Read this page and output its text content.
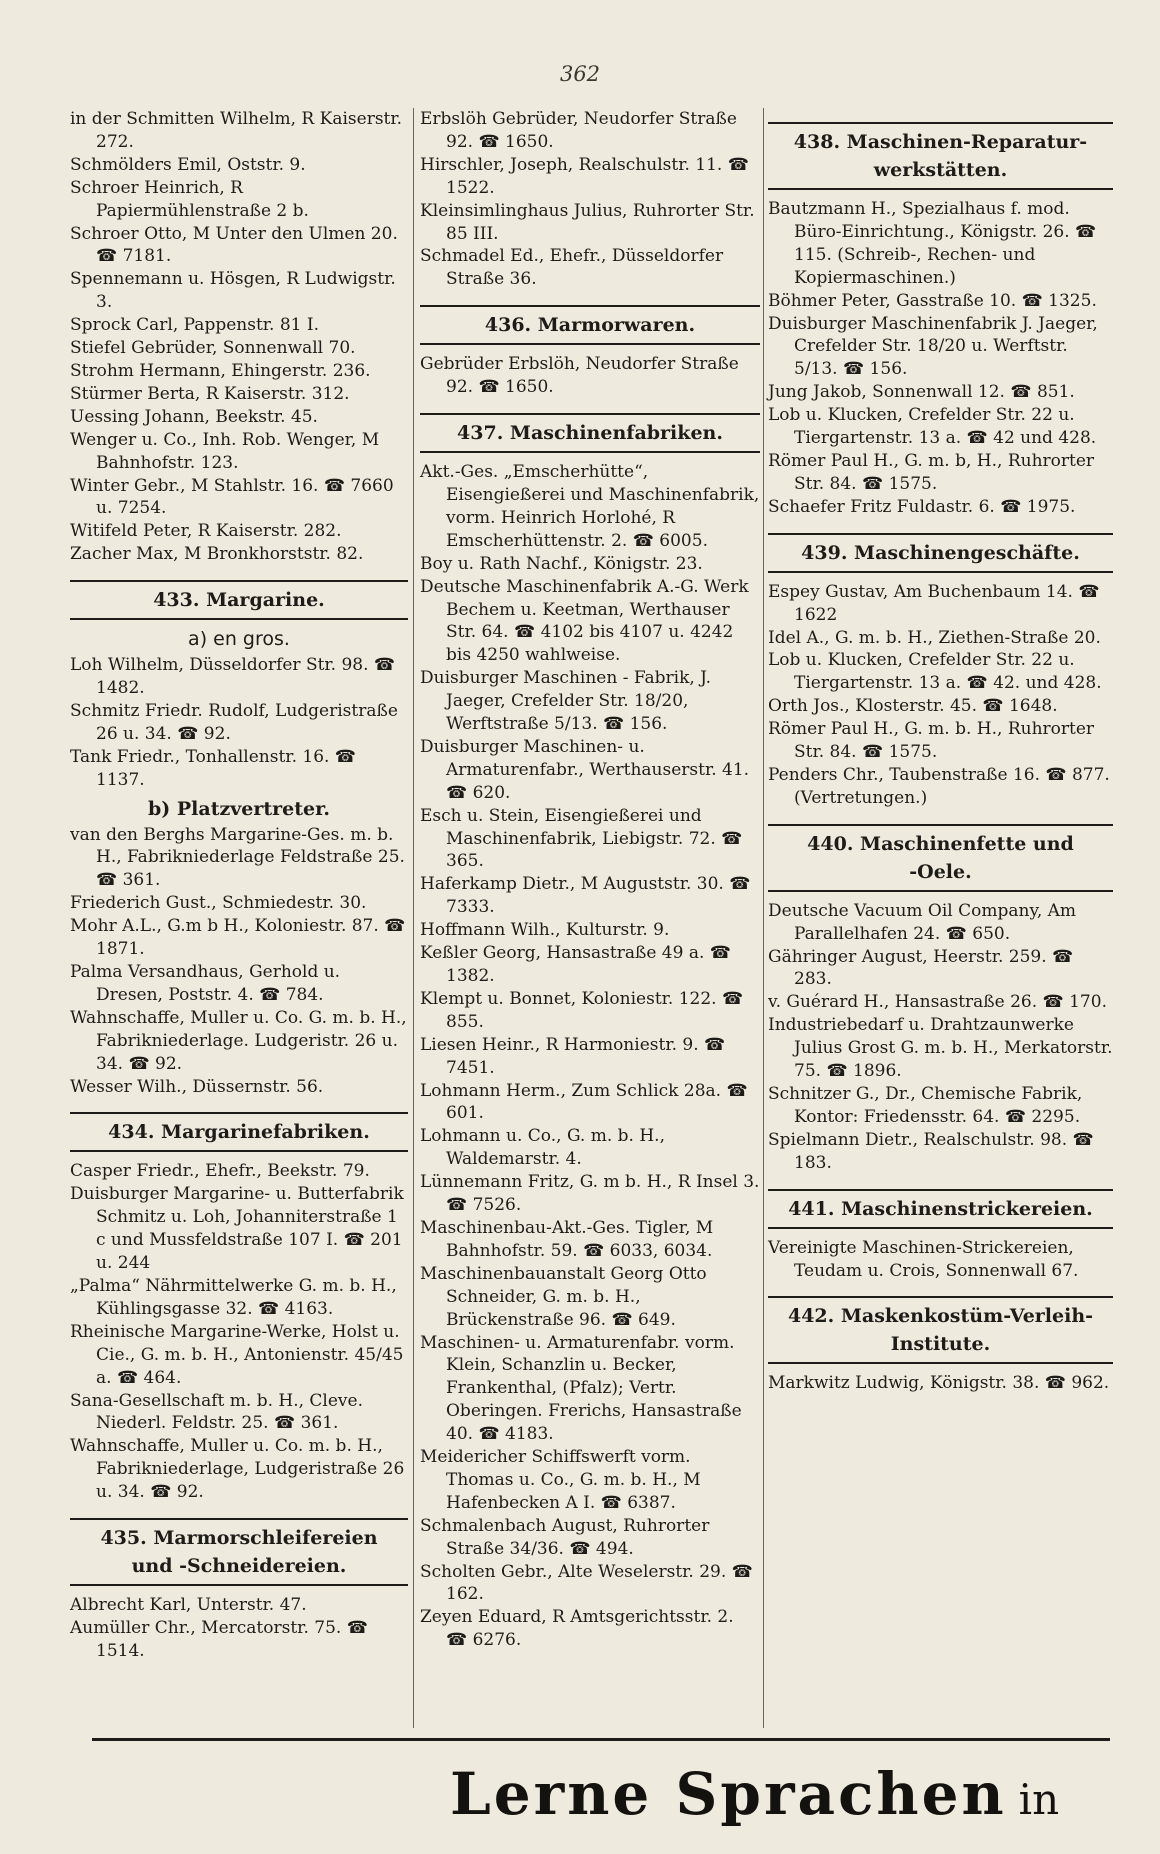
362
in der Schmitten Wilhelm, R Kaiserstr. 272.
Schmölders Emil, Oststr. 9.
Schroer Heinrich, R Papiermühlenstraße 2 b.
Schroer Otto, M Unter den Ulmen 20. ☎ 7181.
Spennemann u. Hösgen, R Ludwigstr. 3.
Sprock Carl, Pappenstr. 81 I.
Stiefel Gebrüder, Sonnenwall 70.
Strohm Hermann, Ehingerstr. 236.
Stürmer Berta, R Kaiserstr. 312.
Uessing Johann, Beekstr. 45.
Wenger u. Co., Inh. Rob. Wenger, M Bahnhofstr. 123.
Winter Gebr., M Stahlstr. 16. ☎ 7660 u. 7254.
Witifeld Peter, R Kaiserstr. 282.
Zacher Max, M Bronkhorststr. 82.
433. Margarine.
a) en gros.
Loh Wilhelm, Düsseldorfer Str. 98. ☎ 1482.
Schmitz Friedr. Rudolf, Ludgeristraße 26 u. 34. ☎ 92.
Tank Friedr., Tonhallenstr. 16. ☎ 1137.
b) Platzvertreter.
van den Berghs Margarine-Ges. m. b. H., Fabrikniederlage Feldstraße 25. ☎ 361.
Friederich Gust., Schmiedestr. 30.
Mohr A.L., G.m b H., Koloniestr. 87. ☎ 1871.
Palma Versandhaus, Gerhold u. Dresen, Poststr. 4. ☎ 784.
Wahnschaffe, Muller u. Co. G. m. b. H., Fabrikniederlage. Ludgeristr. 26 u. 34. ☎ 92.
Wesser Wilh., Düssernstr. 56.
434. Margarinefabriken.
Casper Friedr., Ehefr., Beekstr. 79.
Duisburger Margarine- u. Butterfabrik Schmitz u. Loh, Johanniterstraße 1 c und Mussfeldstraße 107 I. ☎ 201 u. 244
„Palma“ Nährmittelwerke G. m. b. H., Kühlingsgasse 32. ☎ 4163.
Rheinische Margarine-Werke, Holst u. Cie., G. m. b. H., Antonienstr. 45/45 a. ☎ 464.
Sana-Gesellschaft m. b. H., Cleve. Niederl. Feldstr. 25. ☎ 361.
Wahnschaffe, Muller u. Co. m. b. H., Fabrikniederlage, Ludgeristraße 26 u. 34. ☎ 92.
435. Marmorschleifereien
und -Schneidereien.
Albrecht Karl, Unterstr. 47.
Aumüller Chr., Mercatorstr. 75. ☎ 1514.
Erbslöh Gebrüder, Neudorfer Straße 92. ☎ 1650.
Hirschler, Joseph, Realschulstr. 11. ☎ 1522.
Kleinsimlinghaus Julius, Ruhrorter Str. 85 III.
Schmadel Ed., Ehefr., Düsseldorfer Straße 36.
436. Marmorwaren.
Gebrüder Erbslöh, Neudorfer Straße 92. ☎ 1650.
437. Maschinenfabriken.
Akt.-Ges. „Emscherhütte“, Eisengießerei und Maschinenfabrik, vorm. Heinrich Horlohé, R Emscherhüttenstr. 2. ☎ 6005.
Boy u. Rath Nachf., Königstr. 23.
Deutsche Maschinenfabrik A.-G. Werk Bechem u. Keetman, Werthauser Str. 64. ☎ 4102 bis 4107 u. 4242 bis 4250 wahlweise.
Duisburger Maschinen - Fabrik, J. Jaeger, Crefelder Str. 18/20, Werftstraße 5/13. ☎ 156.
Duisburger Maschinen- u. Armaturenfabr., Werthauserstr. 41. ☎ 620.
Esch u. Stein, Eisengießerei und Maschinenfabrik, Liebigstr. 72. ☎ 365.
Haferkamp Dietr., M Auguststr. 30. ☎ 7333.
Hoffmann Wilh., Kulturstr. 9.
Keßler Georg, Hansastraße 49 a. ☎ 1382.
Klempt u. Bonnet, Koloniestr. 122. ☎ 855.
Liesen Heinr., R Harmoniestr. 9. ☎ 7451.
Lohmann Herm., Zum Schlick 28a. ☎ 601.
Lohmann u. Co., G. m. b. H., Waldemarstr. 4.
Lünnemann Fritz, G. m b. H., R Insel 3. ☎ 7526.
Maschinenbau-Akt.-Ges. Tigler, M Bahnhofstr. 59. ☎ 6033, 6034.
Maschinenbauanstalt Georg Otto Schneider, G. m. b. H., Brückenstraße 96. ☎ 649.
Maschinen- u. Armaturenfabr. vorm. Klein, Schanzlin u. Becker, Frankenthal, (Pfalz); Vertr. Oberingen. Frerichs, Hansastraße 40. ☎ 4183.
Meidericher Schiffswerft vorm. Thomas u. Co., G. m. b. H., M Hafenbecken A I. ☎ 6387.
Schmalenbach August, Ruhrorter Straße 34/36. ☎ 494.
Scholten Gebr., Alte Weselerstr. 29. ☎ 162.
Zeyen Eduard, R Amtsgerichtsstr. 2. ☎ 6276.
438. Maschinen-Reparatur-
werkstätten.
Bautzmann H., Spezialhaus f. mod. Büro-Einrichtung., Königstr. 26. ☎ 115. (Schreib-, Rechen- und Kopiermaschinen.)
Böhmer Peter, Gasstraße 10. ☎ 1325.
Duisburger Maschinenfabrik J. Jaeger, Crefelder Str. 18/20 u. Werftstr. 5/13. ☎ 156.
Jung Jakob, Sonnenwall 12. ☎ 851.
Lob u. Klucken, Crefelder Str. 22 u. Tiergartenstr. 13 a. ☎ 42 und 428.
Römer Paul H., G. m. b, H., Ruhrorter Str. 84. ☎ 1575.
Schaefer Fritz Fuldastr. 6. ☎ 1975.
439. Maschinengeschäfte.
Espey Gustav, Am Buchenbaum 14. ☎ 1622
Idel A., G. m. b. H., Ziethen-Straße 20.
Lob u. Klucken, Crefelder Str. 22 u. Tiergartenstr. 13 a. ☎ 42. und 428.
Orth Jos., Klosterstr. 45. ☎ 1648.
Römer Paul H., G. m. b. H., Ruhrorter Str. 84. ☎ 1575.
Penders Chr., Taubenstraße 16. ☎ 877. (Vertretungen.)
440. Maschinenfette und
-Oele.
Deutsche Vacuum Oil Company, Am Parallelhafen 24. ☎ 650.
Gähringer August, Heerstr. 259. ☎ 283.
v. Guérard H., Hansastraße 26. ☎ 170.
Industriebedarf u. Drahtzaunwerke Julius Grost G. m. b. H., Merkatorstr. 75. ☎ 1896.
Schnitzer G., Dr., Chemische Fabrik, Kontor: Friedensstr. 64. ☎ 2295.
Spielmann Dietr., Realschulstr. 98. ☎ 183.
441. Maschinenstrickereien.
Vereinigte Maschinen-Strickereien, Teudam u. Crois, Sonnenwall 67.
442. Maskenkostüm-Verleih-Institute.
Markwitz Ludwig, Königstr. 38. ☎ 962.
Lerne Sprachen in
